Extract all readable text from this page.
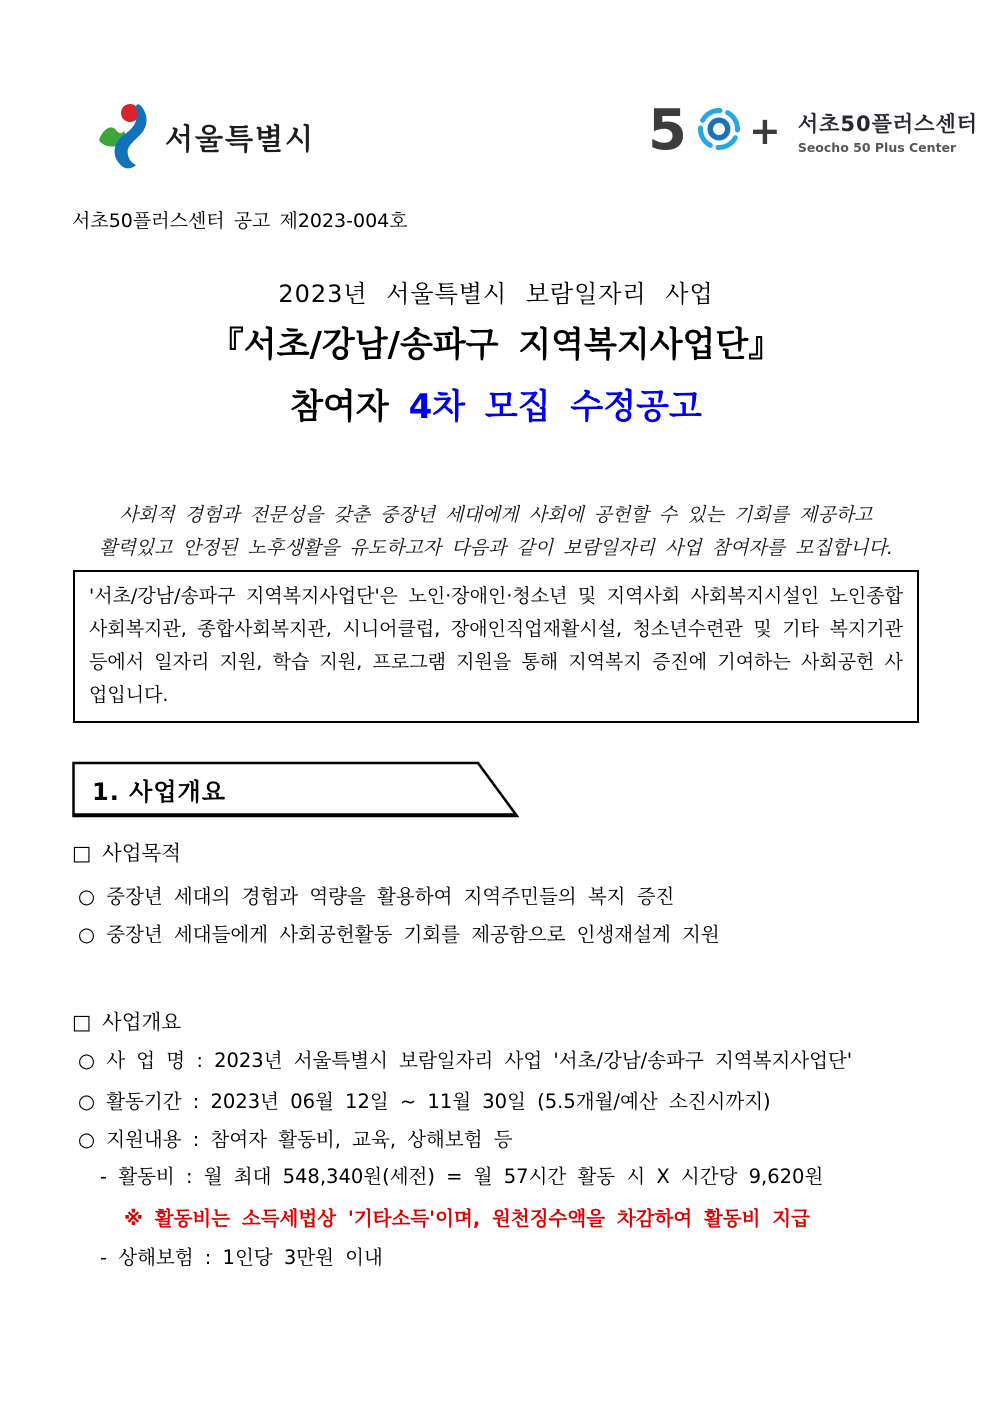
서울특별시	5 + 서초50플러스센터
Seocho 50 Plus Center
서초50플러스센터 공고 제2023-004호
2023년 서울특별시 보람일자리 사업
『서초/강남/송파구 지역복지사업단』
참여자 4차 모집 수정공고
사회적 경험과 전문성을 갖춘 중장년 세대에게 사회에 공헌할 수 있는 기회를 제공하고
활력있고 안정된 노후생활을 유도하고자 다음과 같이 보람일자리 사업 참여자를 모집합니다.
'서초/강남/송파구 지역복지사업단'은 노인·장애인·청소년 및 지역사회 사회복지시설인 노인종합사회복지관, 종합사회복지관, 시니어클럽, 장애인직업재활시설, 청소년수련관 및 기타 복지기관 등에서 일자리 지원, 학습 지원, 프로그램 지원을 통해 지역복지 증진에 기여하는 사회공헌 사업입니다.
1. 사업개요
□ 사업목적
○ 중장년 세대의 경험과 역량을 활용하여 지역주민들의 복지 증진
○ 중장년 세대들에게 사회공헌활동 기회를 제공함으로 인생재설계 지원
□ 사업개요
○ 사 업 명 : 2023년 서울특별시 보람일자리 사업 '서초/강남/송파구 지역복지사업단'
○ 활동기간 : 2023년 06월 12일 ~ 11월 30일 (5.5개월/예산 소진시까지)
○ 지원내용 : 참여자 활동비, 교육, 상해보험 등
- 활동비 : 월 최대 548,340원(세전) = 월 57시간 활동 시 X 시간당 9,620원
※ 활동비는 소득세법상 '기타소득'이며, 원천징수액을 차감하여 활동비 지급
- 상해보험 : 1인당 3만원 이내
